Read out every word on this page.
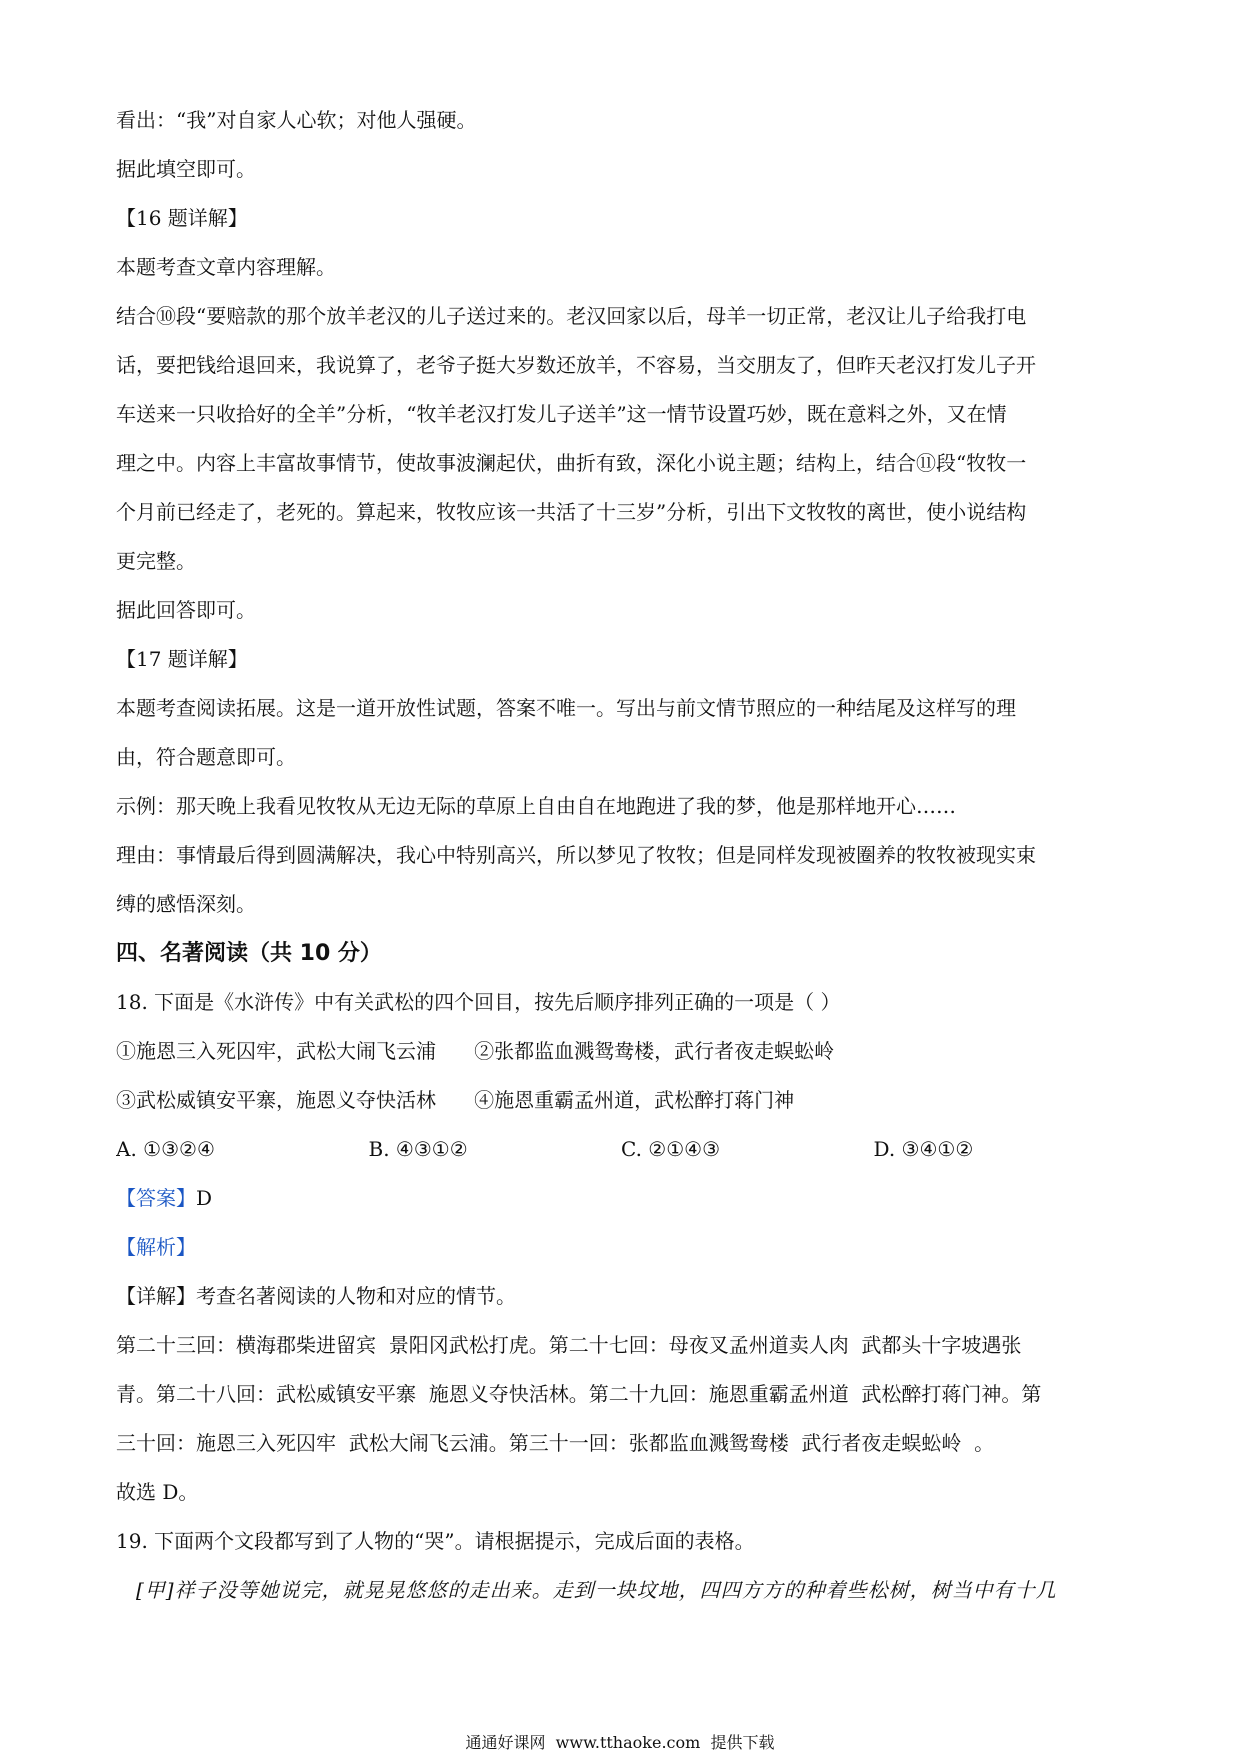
看出：“我”对自家人心软；对他人强硬。
据此填空即可。
【16 题详解】
本题考查文章内容理解。
结合⑩段“要赔款的那个放羊老汉的儿子送过来的。老汉回家以后，母羊一切正常，老汉让儿子给我打电
话，要把钱给退回来，我说算了，老爷子挺大岁数还放羊，不容易，当交朋友了，但昨天老汉打发儿子开
车送来一只收拾好的全羊”分析，“牧羊老汉打发儿子送羊”这一情节设置巧妙，既在意料之外，又在情
理之中。内容上丰富故事情节，使故事波澜起伏，曲折有致，深化小说主题；结构上，结合⑪段“牧牧一
个月前已经走了，老死的。算起来，牧牧应该一共活了十三岁”分析，引出下文牧牧的离世，使小说结构
更完整。
据此回答即可。
【17 题详解】
本题考查阅读拓展。这是一道开放性试题，答案不唯一。写出与前文情节照应的一种结尾及这样写的理
由，符合题意即可。
示例：那天晚上我看见牧牧从无边无际的草原上自由自在地跑进了我的梦，他是那样地开心……
理由：事情最后得到圆满解决，我心中特别高兴，所以梦见了牧牧；但是同样发现被圈养的牧牧被现实束
缚的感悟深刻。
四、名著阅读（共 10 分）
18. 下面是《水浒传》中有关武松的四个回目，按先后顺序排列正确的一项是（ ）
①施恩三入死囚牢，武松大闹飞云浦      ②张都监血溅鸳鸯楼，武行者夜走蜈蚣岭
③武松威镇安平寨，施恩义夺快活林      ④施恩重霸孟州道，武松醉打蒋门神
A. ①③②④	B. ④③①②	C. ②①④③	D. ③④①②
【答案】D
【解析】
【详解】考查名著阅读的人物和对应的情节。
第二十三回：横海郡柴进留宾  景阳冈武松打虎。第二十七回：母夜叉孟州道卖人肉  武都头十字坡遇张
青。第二十八回：武松威镇安平寨  施恩义夺快活林。第二十九回：施恩重霸孟州道  武松醉打蒋门神。第
三十回：施恩三入死囚牢  武松大闹飞云浦。第三十一回：张都监血溅鸳鸯楼  武行者夜走蜈蚣岭  。
故选 D。
19. 下面两个文段都写到了人物的“哭”。请根据提示，完成后面的表格。
[甲]祥子没等她说完，就晃晃悠悠的走出来。走到一块坟地，四四方方的种着些松树，树当中有十几
通通好课网  www.tthaoke.com  提供下载
